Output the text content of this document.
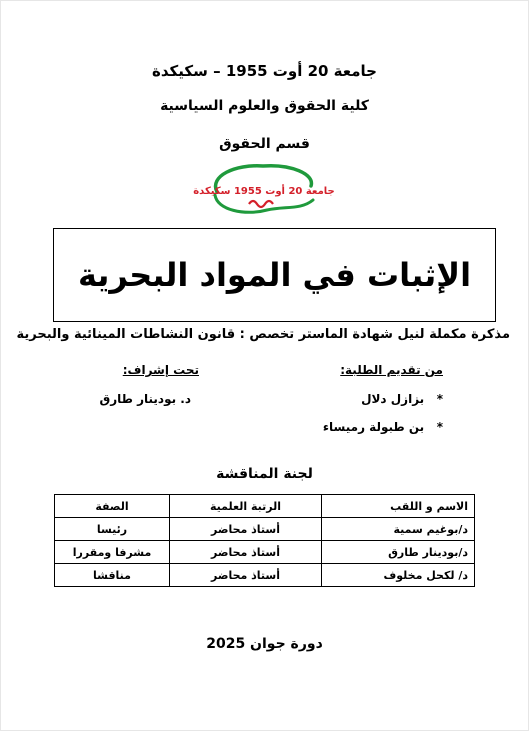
جامعة 20 أوت 1955 – سكيكدة
كلية الحقوق والعلوم السياسية
قسم الحقوق
جامعة 20 أوت 1955 سكيكدة
الإثبات في المواد البحرية
مذكرة مكملة لنيل شهادة الماستر تخصص : قانون النشاطات المينائية والبحرية
من تقديم الطلبة:
تحت إشراف:
*   بزازل دلال
*   بن طبولة رميساء
د. بودينار طارق
لجنة المناقشة
الاسم و اللقب	الرتبة العلمية	الصفة
د/بوغيم سمية	أستاذ محاضر	رئيسا
د/بودينار طارق	أستاذ محاضر	مشرفا ومقررا
د/ لكحل مخلوف	أستاذ محاضر	مناقشا
دورة جوان 2025
